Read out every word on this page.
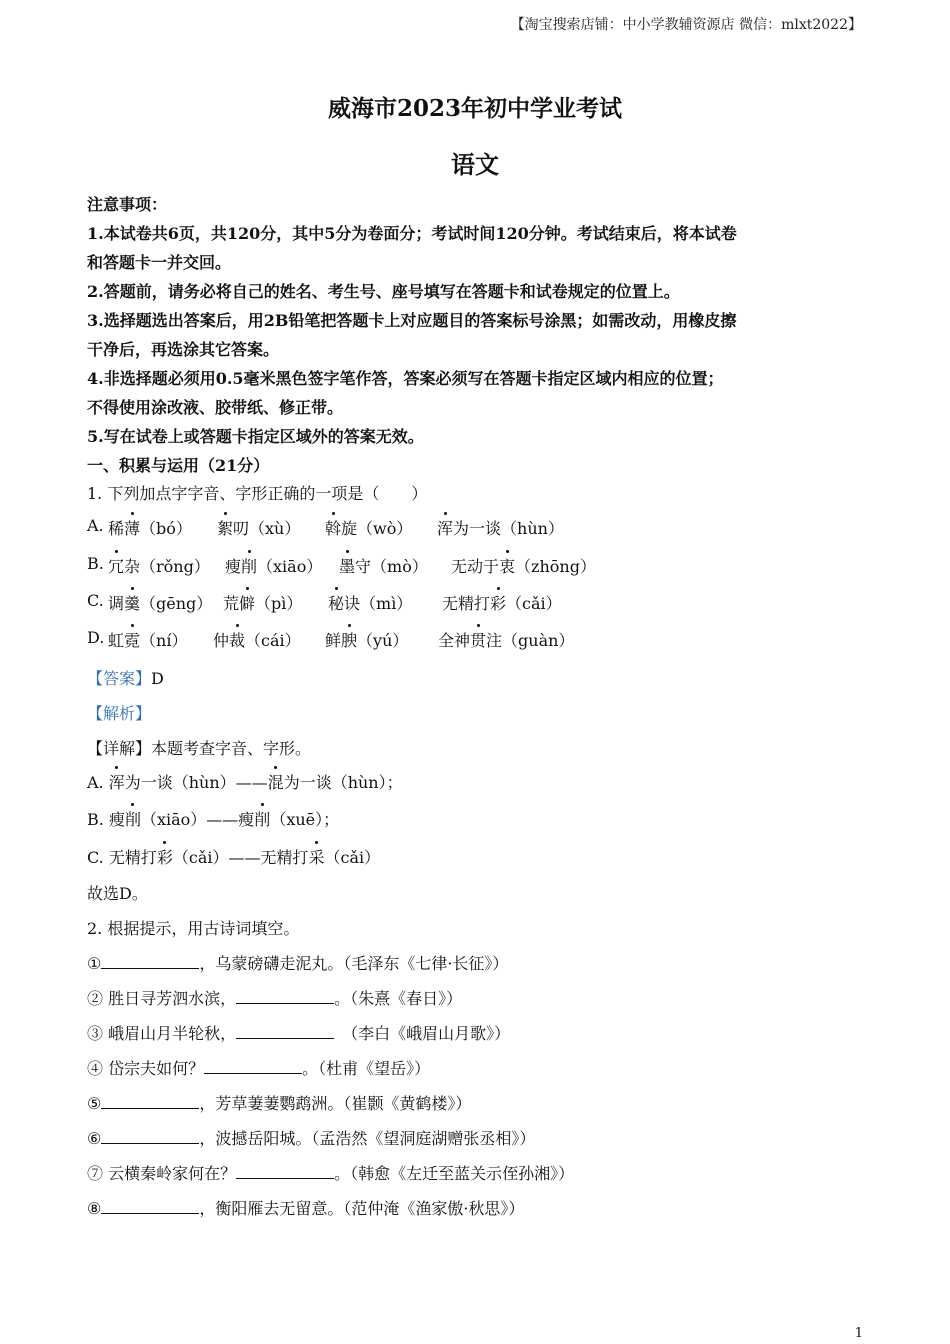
【淘宝搜索店铺：中小学教辅资源店 微信：mlxt2022】
威海市2023年初中学业考试
语文
注意事项：
1.本试卷共6页，共120分，其中5分为卷面分；考试时间120分钟。考试结束后，将本试卷
和答题卡一并交回。
2.答题前，请务必将自己的姓名、考生号、座号填写在答题卡和试卷规定的位置上。
3.选择题选出答案后，用2B铅笔把答题卡上对应题目的答案标号涂黑；如需改动，用橡皮擦
干净后，再选涂其它答案。
4.非选择题必须用0.5毫米黑色签字笔作答，答案必须写在答题卡指定区域内相应的位置；
不得使用涂改液、胶带纸、修正带。
5.写在试卷上或答题卡指定区域外的答案无效。
一、积累与运用（21分）
1. 下列加点字字音、字形正确的一项是（　　）
A. 稀薄（bó） 絮叨（xù） 斡旋（wò） 浑为一谈（hùn）
B. 冗杂（rǒng） 瘦削（xiāo） 墨守（mò） 无动于衷（zhōng）
C. 调羹（gēng） 荒僻（pì） 秘诀（mì） 无精打彩（cǎi）
D. 虹霓（ní） 仲裁（cái） 鲜腴（yú） 全神贯注（guàn）
【答案】D
【解析】
【详解】本题考查字音、字形。
A. 浑为一谈（hùn）——混为一谈（hùn）；
B. 瘦削（xiāo）——瘦削（xuē）；
C. 无精打彩（cǎi）——无精打采（cǎi）
故选D。
2. 根据提示，用古诗词填空。
①	，乌蒙磅礴走泥丸。（毛泽东《七律·长征》）
② 胜日寻芳泗水滨，	。（朱熹《春日》）
③ 峨眉山月半轮秋，	　（李白《峨眉山月歌》）
④ 岱宗夫如何？	。（杜甫《望岳》）
⑤	，芳草萋萋鹦鹉洲。（崔颢《黄鹤楼》）
⑥	，波撼岳阳城。（孟浩然《望洞庭湖赠张丞相》）
⑦ 云横秦岭家何在？	。（韩愈《左迁至蓝关示侄孙湘》）
⑧	，衡阳雁去无留意。（范仲淹《渔家傲·秋思》）
1
